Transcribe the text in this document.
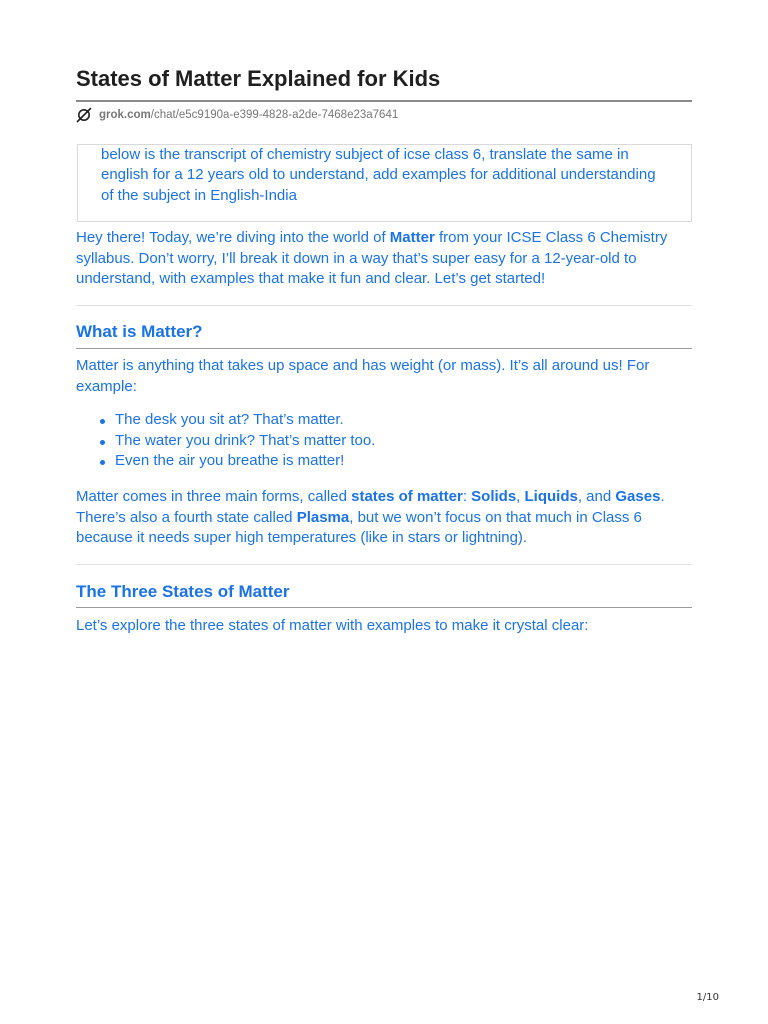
States of Matter Explained for Kids
grok.com /chat/e5c9190a-e399-4828-a2de-7468e23a7641

below is the transcript of chemistry subject of icse class 6, translate the same in english for a 12 years old to understand, add examples for additional understanding of the subject in English-India

Hey there! Today, we’re diving into the world of Matter from your ICSE Class 6 Chemistry syllabus. Don’t worry, I’ll break it down in a way that’s super easy for a 12-year-old to understand, with examples that make it fun and clear. Let’s get started!

What is Matter?

Matter is anything that takes up space and has weight (or mass). It’s all around us! For example:

The desk you sit at? That’s matter.
The water you drink? That’s matter too.
Even the air you breathe is matter!

Matter comes in three main forms, called states of matter: Solids, Liquids, and Gases. There’s also a fourth state called Plasma, but we won’t focus on that much in Class 6 because it needs super high temperatures (like in stars or lightning).

The Three States of Matter

Let’s explore the three states of matter with examples to make it crystal clear:

1/10
